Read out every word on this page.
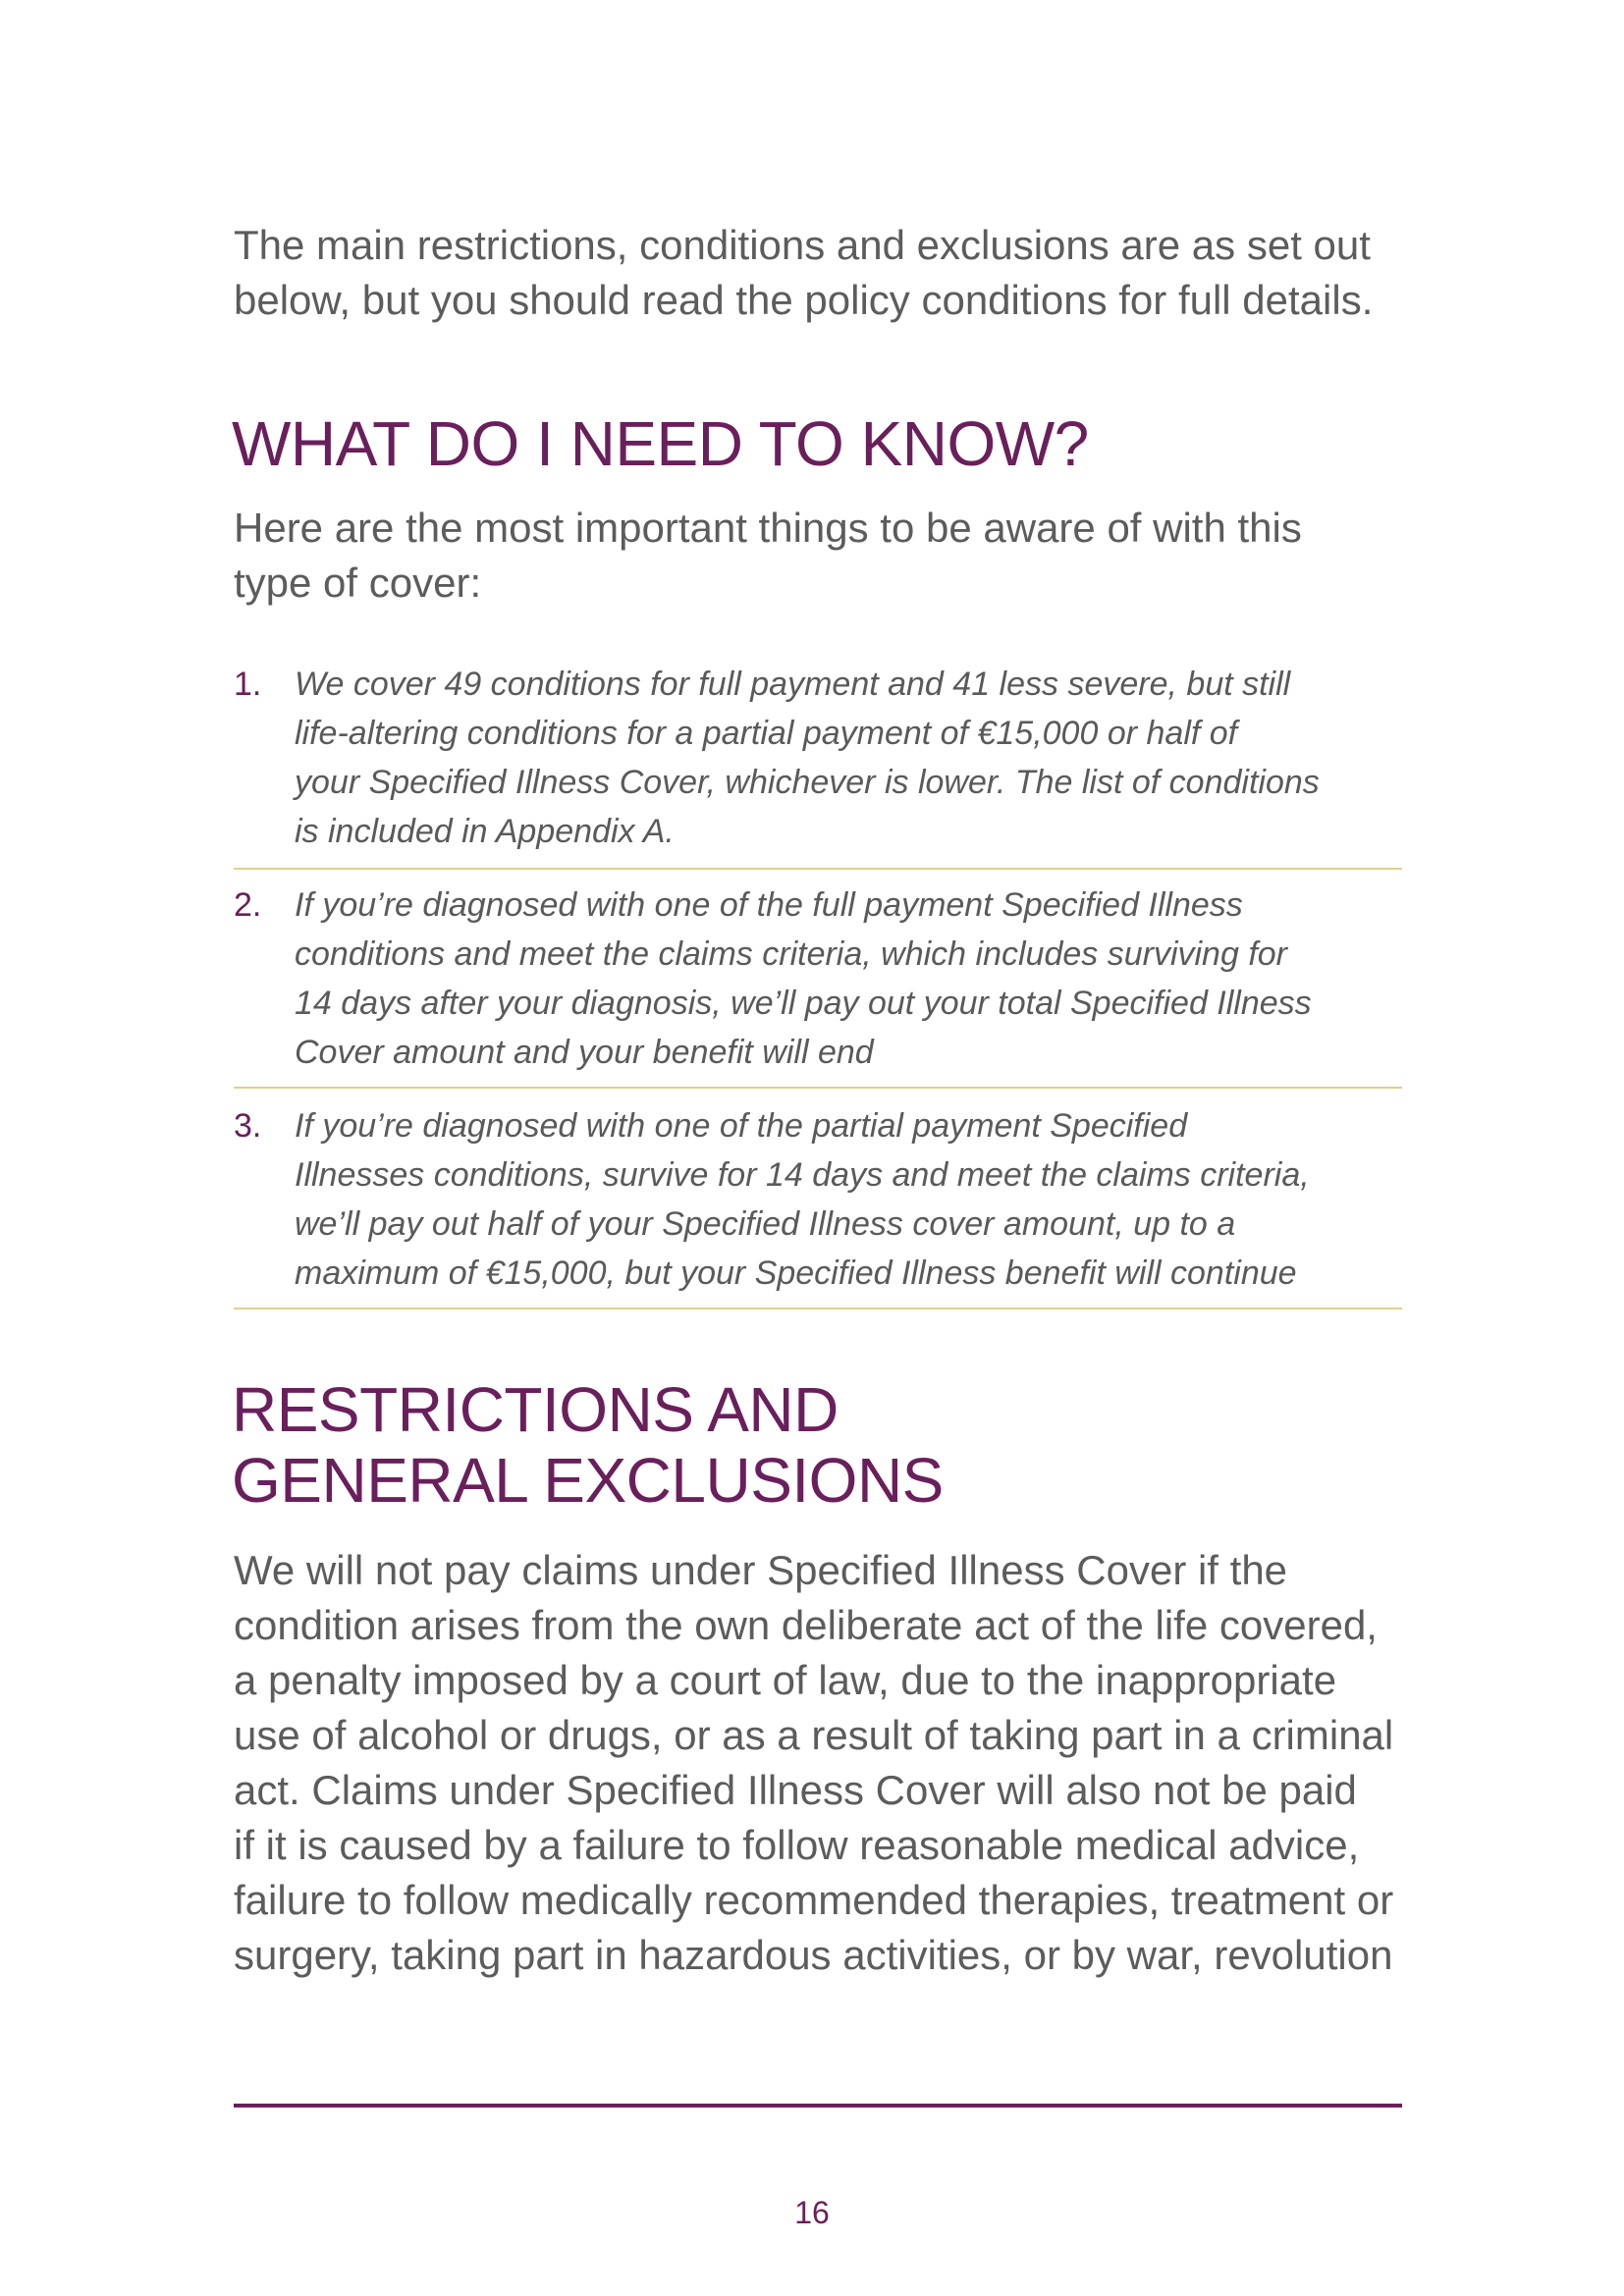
The main restrictions, conditions and exclusions are as set out
below, but you should read the policy conditions for full details.

WHAT DO I NEED TO KNOW?

Here are the most important things to be aware of with this
type of cover:

1. We cover 49 conditions for full payment and 41 less severe, but still
life-altering conditions for a partial payment of €15,000 or half of
your Specified Illness Cover, whichever is lower. The list of conditions
is included in Appendix A.
2. If you’re diagnosed with one of the full payment Specified Illness
conditions and meet the claims criteria, which includes surviving for
14 days after your diagnosis, we’ll pay out your total Specified Illness
Cover amount and your benefit will end
3. If you’re diagnosed with one of the partial payment Specified
Illnesses conditions, survive for 14 days and meet the claims criteria,
we’ll pay out half of your Specified Illness cover amount, up to a
maximum of €15,000, but your Specified Illness benefit will continue
RESTRICTIONS AND
GENERAL EXCLUSIONS

We will not pay claims under Specified Illness Cover if the
condition arises from the own deliberate act of the life covered,
a penalty imposed by a court of law, due to the inappropriate
use of alcohol or drugs, or as a result of taking part in a criminal
act. Claims under Specified Illness Cover will also not be paid
if it is caused by a failure to follow reasonable medical advice,
failure to follow medically recommended therapies, treatment or
surgery, taking part in hazardous activities, or by war, revolution

16
